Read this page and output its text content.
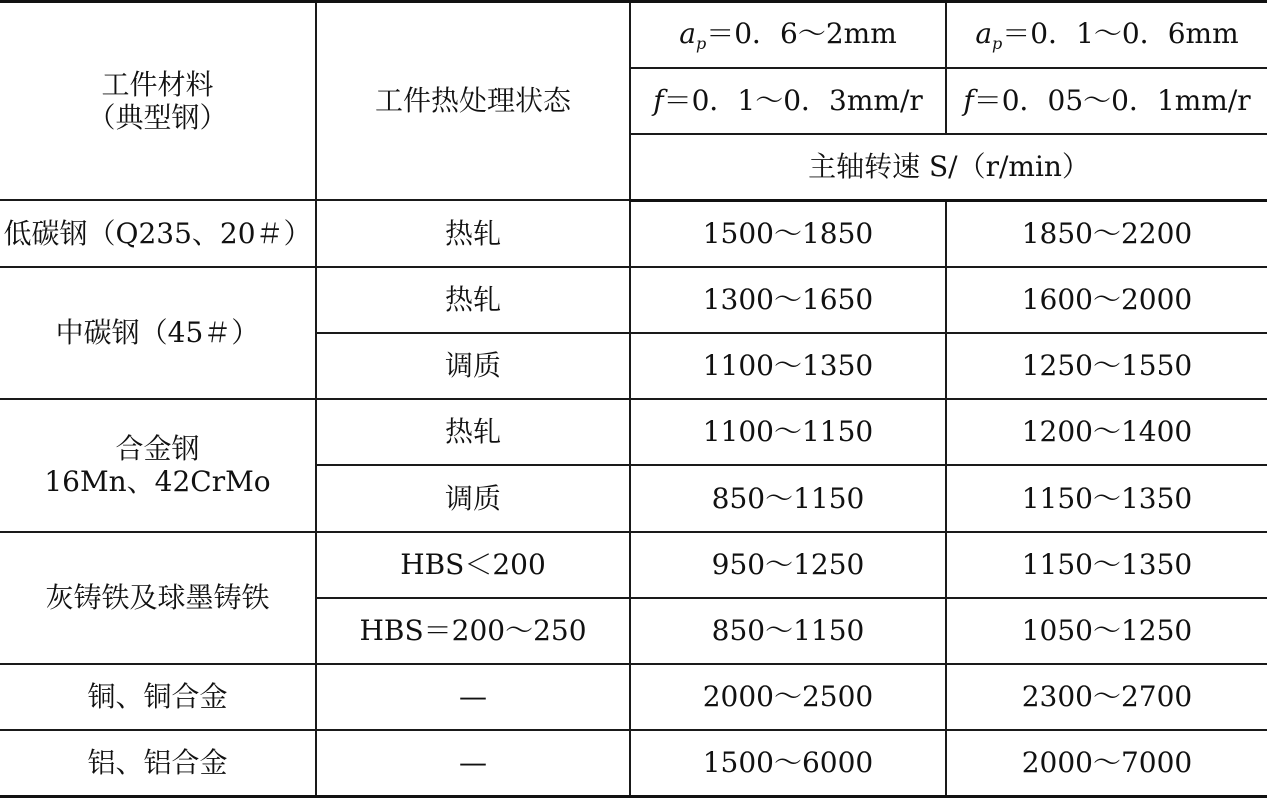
工件材料
（典型钢）	工件热处理状态	$a_p=0$．6～2mm	$a_p=0$．1～0．6mm
		f＝0．1～0．3mm/r	f＝0．05～0．1mm/r
		主轴转速 S/（r/min）	
低碳钢（Q235、20＃）	热轧	1500～1850	1850～2200
中碳钢（45＃）	热轧	1300～1650	1600～2000
	调质	1100～1350	1250～1550

合金钢
16Mn、42CrMo	热轧	1100～1150	1200～1400
	调质	850～1150	1150～1350
灰铸铁及球墨铸铁	HBS＜200	950～1250	1150～1350
	HBS＝200～250	850～1150	1050～1250
铜、铜合金	—	2000～2500	2300～2700
铝、铝合金	—	1500～6000	2000～7000
